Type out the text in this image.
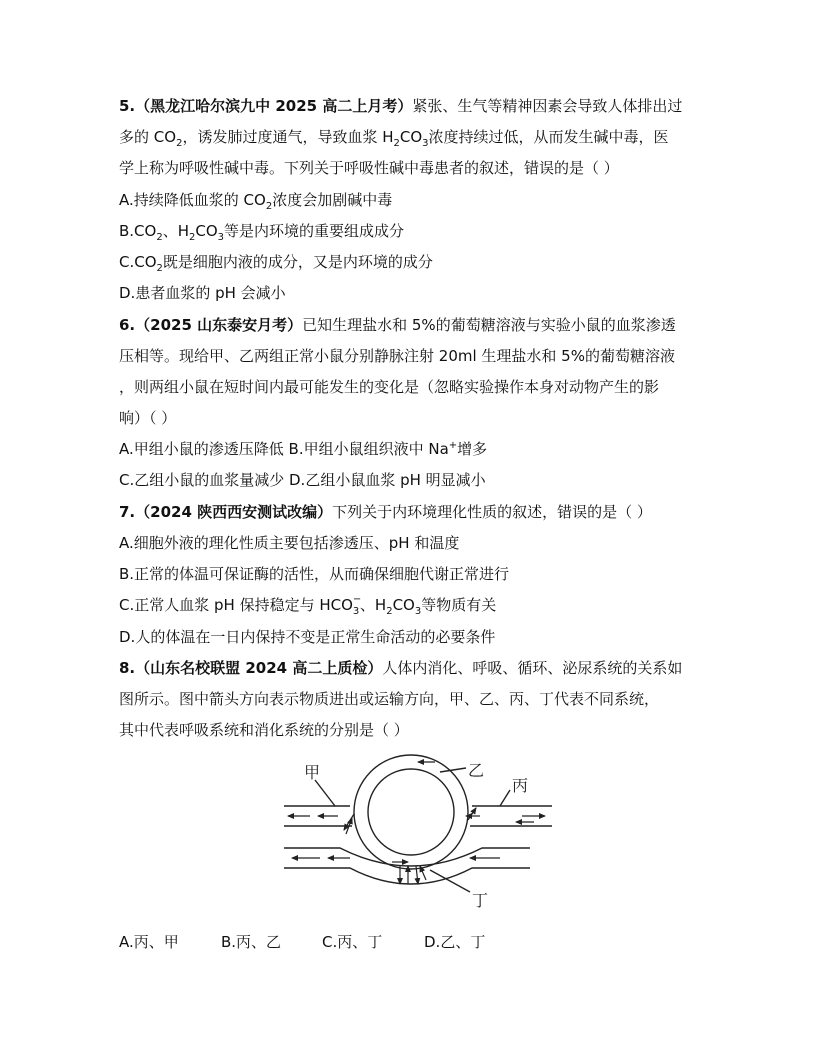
5.（黑龙江哈尔滨九中 2025 高二上月考）紧张、生气等精神因素会导致人体排出过
多的 $CO_2$，诱发肺过度通气，导致血浆 $H_2CO_3$浓度持续过低，从而发生碱中毒，医
学上称为呼吸性碱中毒。下列关于呼吸性碱中毒患者的叙述，错误的是（ ）
A.持续降低血浆的 $CO_2$浓度会加剧碱中毒
$B.CO_2$、$H_2CO_3$等是内环境的重要组成成分
$C.CO_2$既是细胞内液的成分，又是内环境的成分
D.患者血浆的 pH 会减小
6.（2025 山东泰安月考）已知生理盐水和 5%的葡萄糖溶液与实验小鼠的血浆渗透
压相等。现给甲、乙两组正常小鼠分别静脉注射 20ml 生理盐水和 5%的葡萄糖溶液
，则两组小鼠在短时间内最可能发生的变化是（忽略实验操作本身对动物产生的影
响）（ ）
A.甲组小鼠的渗透压降低 B.甲组小鼠组织液中 Na+增多
C.乙组小鼠的血浆量减少 D.乙组小鼠血浆 pH 明显减小
7.（2024 陕西西安测试改编）下列关于内环境理化性质的叙述，错误的是（ ）
A.细胞外液的理化性质主要包括渗透压、pH 和温度
B.正常的体温可保证酶的活性，从而确保细胞代谢正常进行
C.正常人血浆 pH 保持稳定与 HCO −
3 、$H_2CO_3$等物质有关
D.人的体温在一日内保持不变是正常生命活动的必要条件
8.（山东名校联盟 2024 高二上质检）人体内消化、呼吸、循环、泌尿系统的关系如
图所示。图中箭头方向表示物质进出或运输方向，甲、乙、丙、丁代表不同系统，
其中代表呼吸系统和消化系统的分别是（ ）
甲	乙
丙
丁
A.丙、甲	B.丙、乙	C.丙、丁	D.乙、丁
